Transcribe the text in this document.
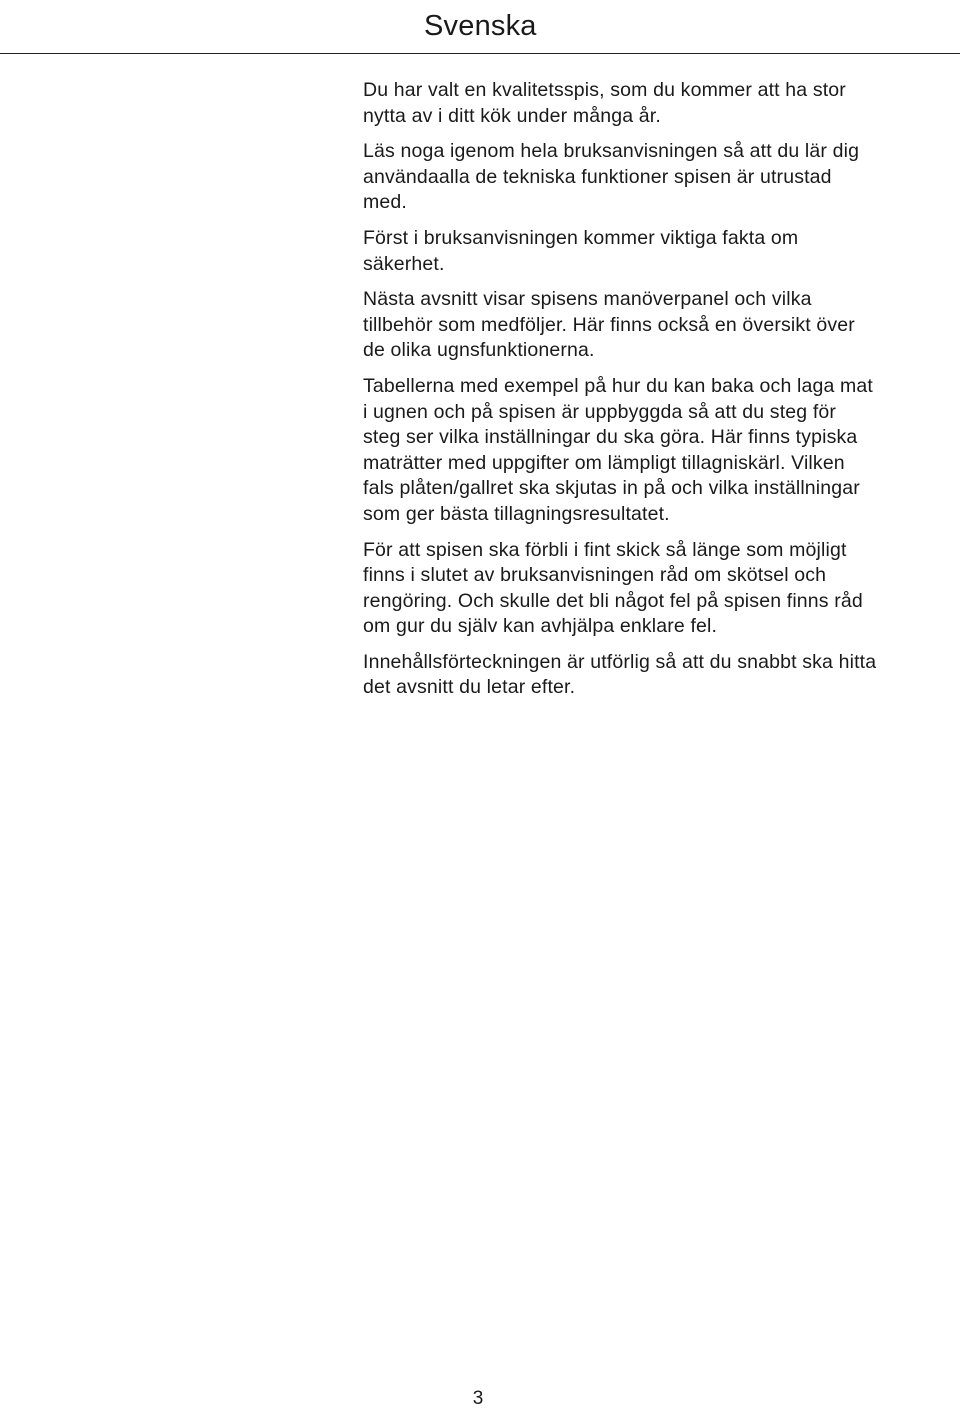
Svenska

Du har valt en kvalitetsspis, som du kommer att ha stor
nytta av i ditt kök under många år.

Läs noga igenom hela bruksanvisningen så att du lär dig
användaalla de tekniska funktioner spisen är utrustad
med.

Först i bruksanvisningen kommer viktiga fakta om
säkerhet.

Nästa avsnitt visar spisens manöverpanel och vilka
tillbehör som medföljer. Här finns också en översikt över
de olika ugnsfunktionerna.

Tabellerna med exempel på hur du kan baka och laga mat
i ugnen och på spisen är uppbyggda så att du steg för
steg ser vilka inställningar du ska göra. Här finns typiska
maträtter med uppgifter om lämpligt tillagniskärl. Vilken
fals plåten/gallret ska skjutas in på och vilka inställningar
som ger bästa tillagningsresultatet.

För att spisen ska förbli i fint skick så länge som möjligt
finns i slutet av bruksanvisningen råd om skötsel och
rengöring. Och skulle det bli något fel på spisen finns råd
om gur du själv kan avhjälpa enklare fel.

Innehållsförteckningen är utförlig så att du snabbt ska hitta
det avsnitt du letar efter.

3
